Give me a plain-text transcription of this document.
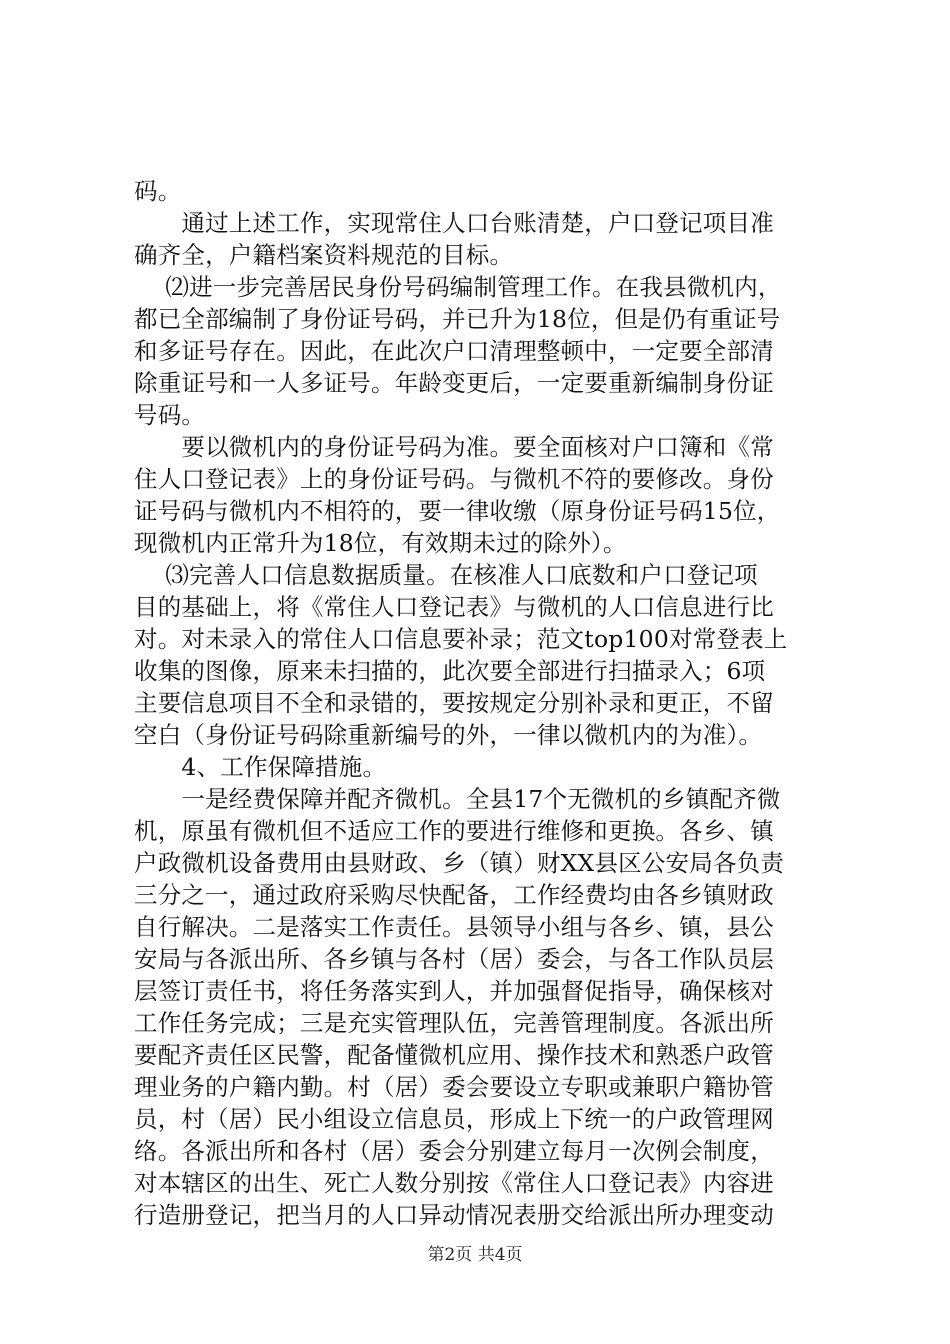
码。
　　通过上述工作，实现常住人口台账清楚，户口登记项目准
确齐全，户籍档案资料规范的目标。
　 ⑵进一步完善居民身份号码编制管理工作。在我县微机内，
都已全部编制了身份证号码，并已升为18位，但是仍有重证号
和多证号存在。因此，在此次户口清理整顿中，一定要全部清
除重证号和一人多证号。年龄变更后，一定要重新编制身份证
号码。
　　要以微机内的身份证号码为准。要全面核对户口簿和《常
住人口登记表》上的身份证号码。与微机不符的要修改。身份
证号码与微机内不相符的，要一律收缴（原身份证号码15位，
现微机内正常升为18位，有效期未过的除外）。
　 ⑶完善人口信息数据质量。在核准人口底数和户口登记项
目的基础上，将《常住人口登记表》与微机的人口信息进行比
对。对未录入的常住人口信息要补录；范文top100对常登表上
收集的图像，原来未扫描的，此次要全部进行扫描录入；6项
主要信息项目不全和录错的，要按规定分别补录和更正，不留
空白（身份证号码除重新编号的外，一律以微机内的为准）。
　　4、工作保障措施。
　　一是经费保障并配齐微机。全县17个无微机的乡镇配齐微
机，原虽有微机但不适应工作的要进行维修和更换。各乡、镇
户政微机设备费用由县财政、乡（镇）财XX县区公安局各负责
三分之一，通过政府采购尽快配备，工作经费均由各乡镇财政
自行解决。二是落实工作责任。县领导小组与各乡、镇，县公
安局与各派出所、各乡镇与各村（居）委会，与各工作队员层
层签订责任书，将任务落实到人，并加强督促指导，确保核对
工作任务完成；三是充实管理队伍，完善管理制度。各派出所
要配齐责任区民警，配备懂微机应用、操作技术和熟悉户政管
理业务的户籍内勤。村（居）委会要设立专职或兼职户籍协管
员，村（居）民小组设立信息员，形成上下统一的户政管理网
络。各派出所和各村（居）委会分别建立每月一次例会制度，
对本辖区的出生、死亡人数分别按《常住人口登记表》内容进
行造册登记，把当月的人口异动情况表册交给派出所办理变动
第2页 共4页
